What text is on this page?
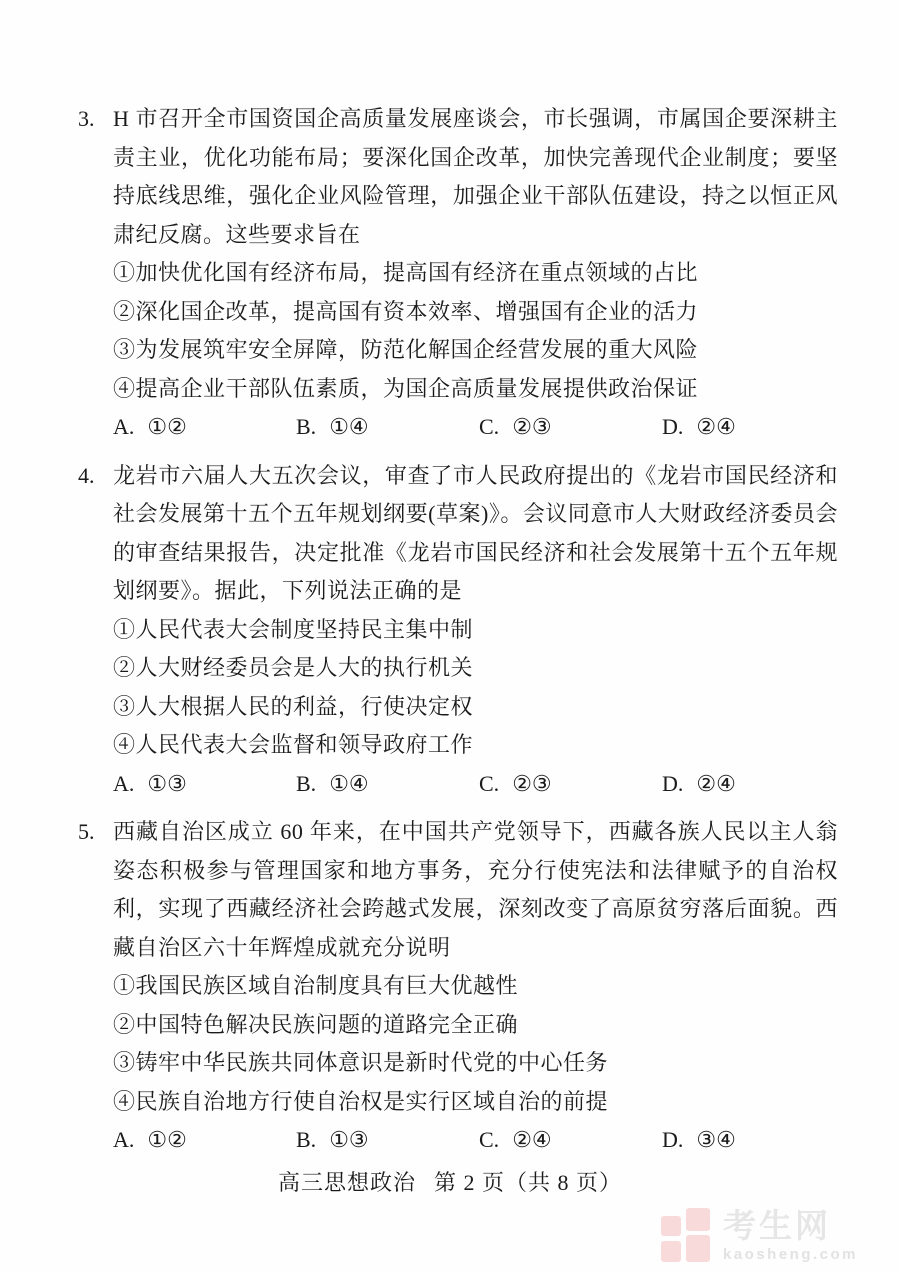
3. H 市召开全市国资国企高质量发展座谈会，市长强调，市属国企要深耕主责主业，优化功能布局；要深化国企改革，加快完善现代企业制度；要坚持底线思维，强化企业风险管理，加强企业干部队伍建设，持之以恒正风肃纪反腐。这些要求旨在

①加快优化国有经济布局，提高国有经济在重点领域的占比
②深化国企改革，提高国有资本效率、增强国有企业的活力
③为发展筑牢安全屏障，防范化解国企经营发展的重大风险
④提高企业干部队伍素质，为国企高质量发展提供政治保证
A. ①②	B. ①④	C. ②③	D. ②④
4. 龙岩市六届人大五次会议，审查了市人民政府提出的《龙岩市国民经济和社会发展第十五个五年规划纲要(草案)》。会议同意市人大财政经济委员会的审查结果报告，决定批准《龙岩市国民经济和社会发展第十五个五年规划纲要》。据此，下列说法正确的是

①人民代表大会制度坚持民主集中制
②人大财经委员会是人大的执行机关
③人大根据人民的利益，行使决定权
④人民代表大会监督和领导政府工作
A. ①③	B. ①④	C. ②③	D. ②④
5. 西藏自治区成立 60 年来，在中国共产党领导下，西藏各族人民以主人翁姿态积极参与管理国家和地方事务，充分行使宪法和法律赋予的自治权利，实现了西藏经济社会跨越式发展，深刻改变了高原贫穷落后面貌。西藏自治区六十年辉煌成就充分说明

①我国民族区域自治制度具有巨大优越性
②中国特色解决民族问题的道路完全正确
③铸牢中华民族共同体意识是新时代党的中心任务
④民族自治地方行使自治权是实行区域自治的前提
A. ①②	B. ①③	C. ②④	D. ③④
高三思想政治 第 2 页（共 8 页）
考生网
kaosheng.com
